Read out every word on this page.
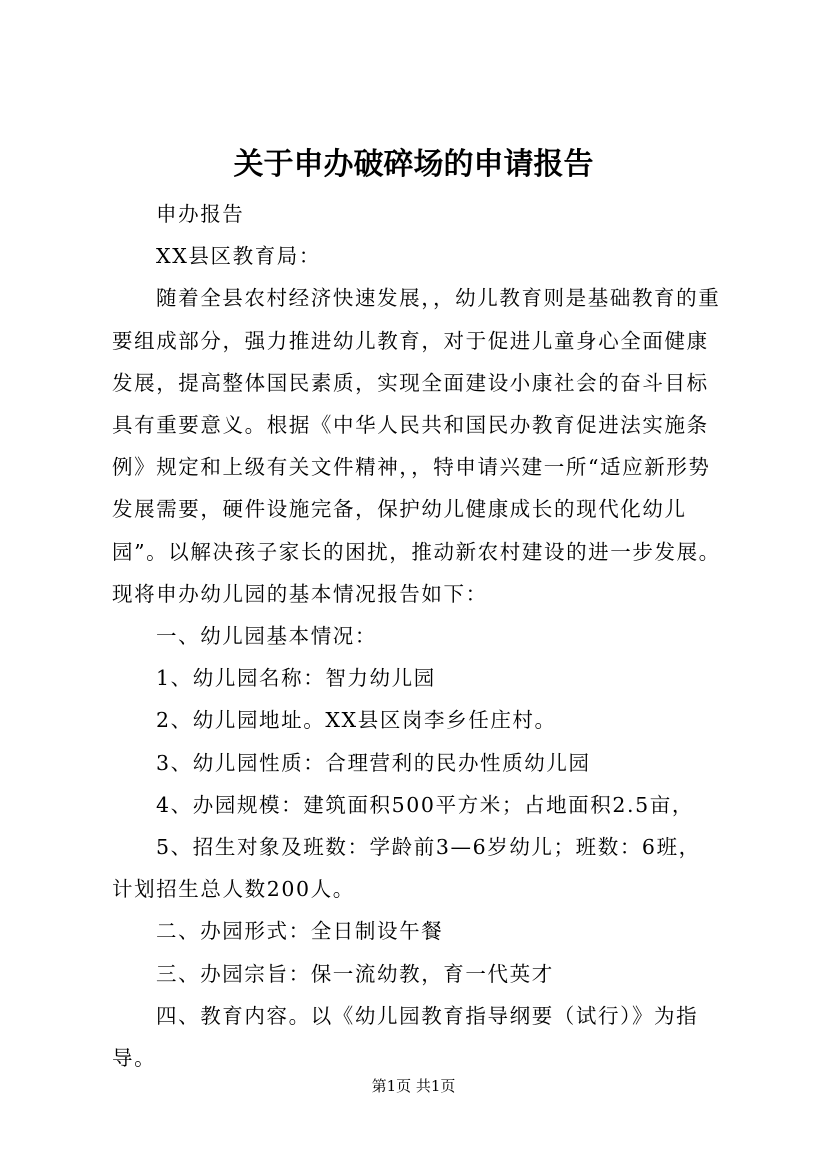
关于申办破碎场的申请报告

申办报告

XX县区教育局：

随着全县农村经济快速发展，，幼儿教育则是基础教育的重要组成部分，强力推进幼儿教育，对于促进儿童身心全面健康发展，提高整体国民素质，实现全面建设小康社会的奋斗目标具有重要意义。根据《中华人民共和国民办教育促进法实施条例》规定和上级有关文件精神，，特申请兴建一所“适应新形势发展需要，硬件设施完备，保护幼儿健康成长的现代化幼儿园”。以解决孩子家长的困扰，推动新农村建设的进一步发展。现将申办幼儿园的基本情况报告如下：

一、幼儿园基本情况：

1、幼儿园名称：智力幼儿园

2、幼儿园地址。XX县区岗李乡任庄村。

3、幼儿园性质：合理营利的民办性质幼儿园

4、办园规模：建筑面积500平方米；占地面积2.5亩，

5、招生对象及班数：学龄前3—6岁幼儿；班数：6班，计划招生总人数200人。

二、办园形式：全日制设午餐

三、办园宗旨：保一流幼教，育一代英才

四、教育内容。以《幼儿园教育指导纲要（试行）》为指导。

第1页 共1页
